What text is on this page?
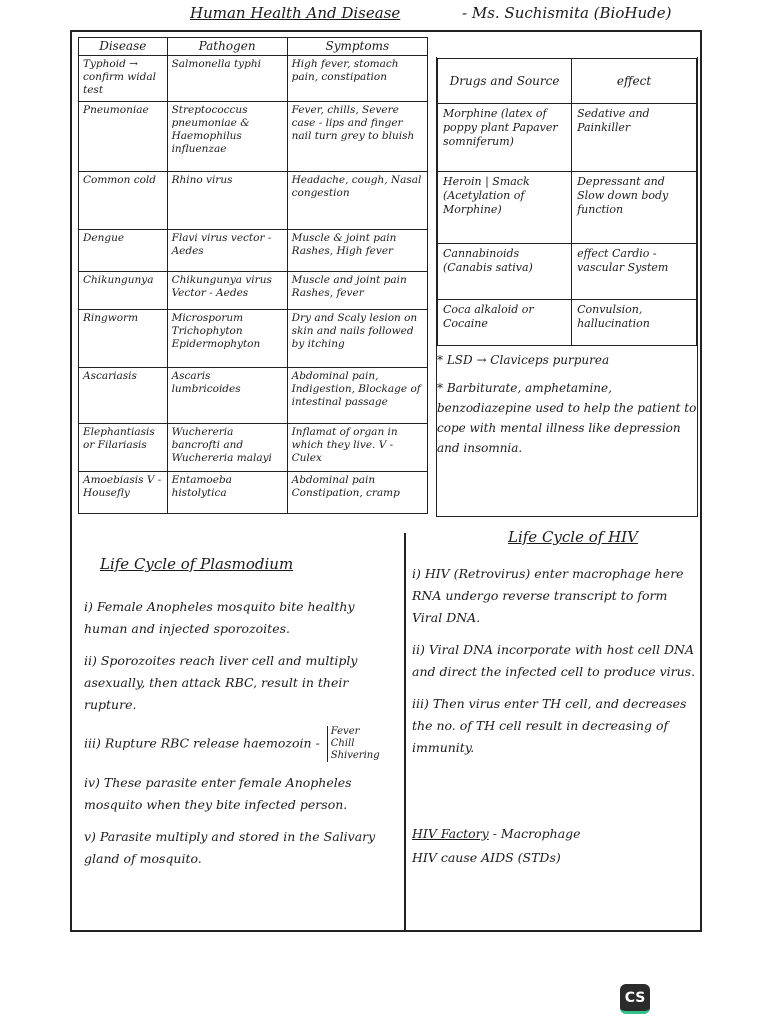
Human Health And Disease	- Ms. Suchismita (BioHude)
Disease	Pathogen	Symptoms
Typhoid → confirm widal test	Salmonella typhi	High fever, stomach pain, constipation
Pneumoniae	Streptococcus pneumoniae & Haemophilus influenzae	Fever, chills, Severe case - lips and finger nail turn grey to bluish
Common cold	Rhino virus	Headache, cough, Nasal congestion
Dengue	Flavi virus vector - Aedes	Muscle & joint pain Rashes, High fever
Chikungunya	Chikungunya virus Vector - Aedes	Muscle and joint pain Rashes, fever
Ringworm	Microsporum Trichophyton Epidermophyton	Dry and Scaly lesion on skin and nails followed by itching
Ascariasis	Ascaris lumbricoides	Abdominal pain, Indigestion, Blockage of intestinal passage
Elephantiasis or Filariasis	Wuchereria bancrofti and Wuchereria malayi	Inflamat of organ in which they live. V - Culex
Amoebiasis V - Housefly	Entamoeba histolytica	Abdominal pain Constipation, cramp
Drugs and Source	effect
Morphine (latex of poppy plant Papaver somniferum)	Sedative and Painkiller
Heroin | Smack (Acetylation of Morphine)	Depressant and Slow down body function
Cannabinoids (Canabis sativa)	effect Cardio - vascular System
Coca alkaloid or Cocaine	Convulsion, hallucination

* LSD → Claviceps purpurea

* Barbiturate, amphetamine, benzodiazepine used to help the patient to cope with mental illness like depression and insomnia.

Life Cycle of Plasmodium

i) Female Anopheles mosquito bite healthy human and injected sporozoites.

ii) Sporozoites reach liver cell and multiply asexually, then attack RBC, result in their rupture.

iii) Rupture RBC release haemozoin - Fever
Chill
Shivering

iv) These parasite enter female Anopheles mosquito when they bite infected person.

v) Parasite multiply and stored in the Salivary gland of mosquito.

Life Cycle of HIV

i) HIV (Retrovirus) enter macrophage here RNA undergo reverse transcript to form Viral DNA.

ii) Viral DNA incorporate with host cell DNA and direct the infected cell to produce virus.

iii) Then virus enter TH cell, and decreases the no. of TH cell result in decreasing of immunity.

HIV Factory - Macrophage

HIV cause AIDS (STDs)

CS
